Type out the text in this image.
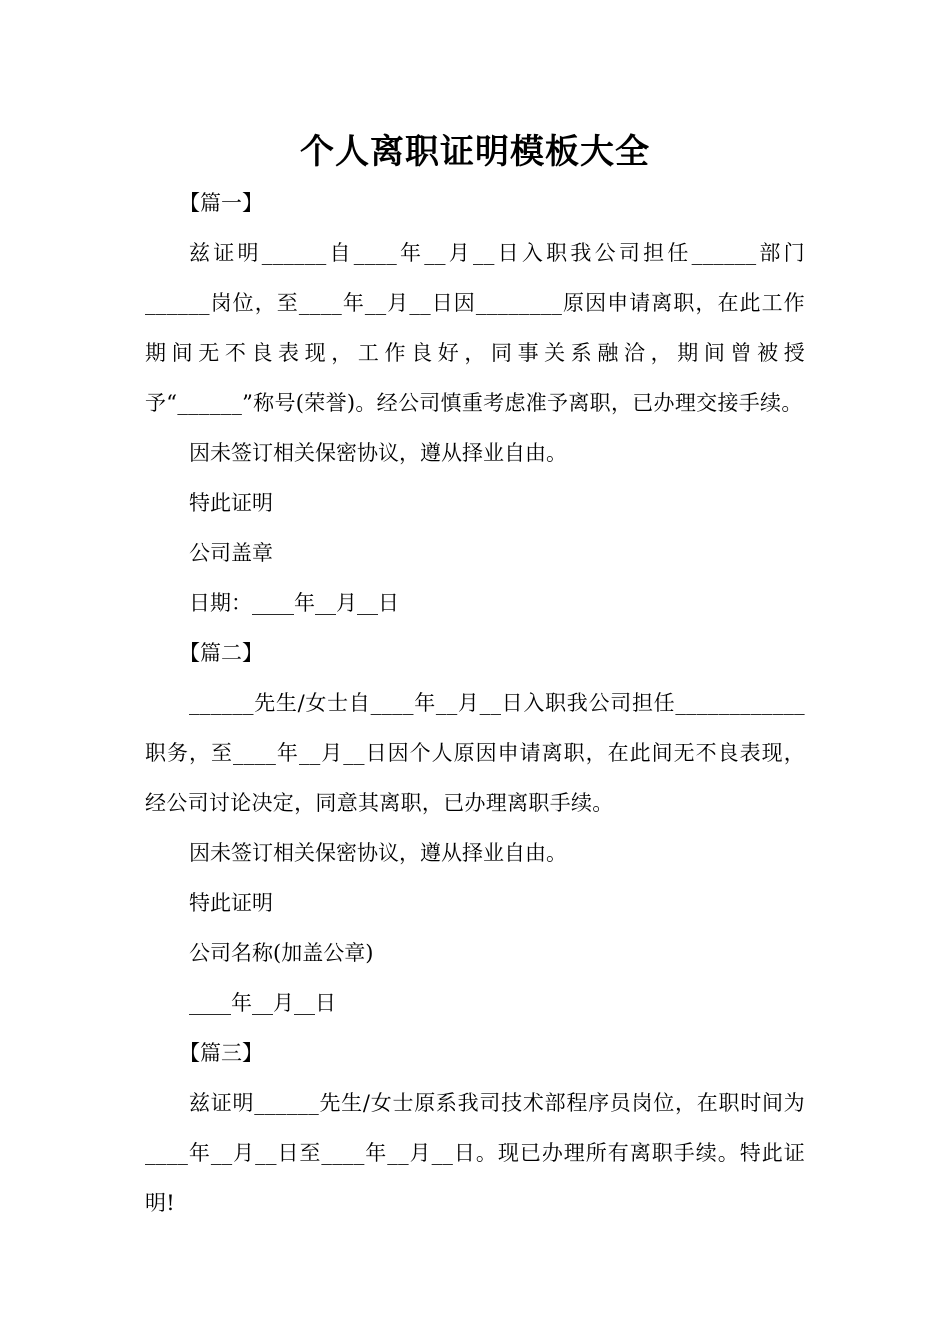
个人离职证明模板大全

【篇一】

兹证明______自____年__月__日入职我公司担任______部门______岗位，至____年__月__日因________原因申请离职，在此工作期间无不良表现，工作良好，同事关系融洽，期间曾被授予“______”称号(荣誉)。经公司慎重考虑准予离职，已办理交接手续。

因未签订相关保密协议，遵从择业自由。

特此证明

公司盖章

日期：____年__月__日

【篇二】

______先生/女士自____年__月__日入职我公司担任____________职务，至____年__月__日因个人原因申请离职，在此间无不良表现，经公司讨论决定，同意其离职，已办理离职手续。

因未签订相关保密协议，遵从择业自由。

特此证明

公司名称(加盖公章)

____年__月__日

【篇三】

兹证明______先生/女士原系我司技术部程序员岗位，在职时间为____年__月__日至____年__月__日。现已办理所有离职手续。特此证明!
